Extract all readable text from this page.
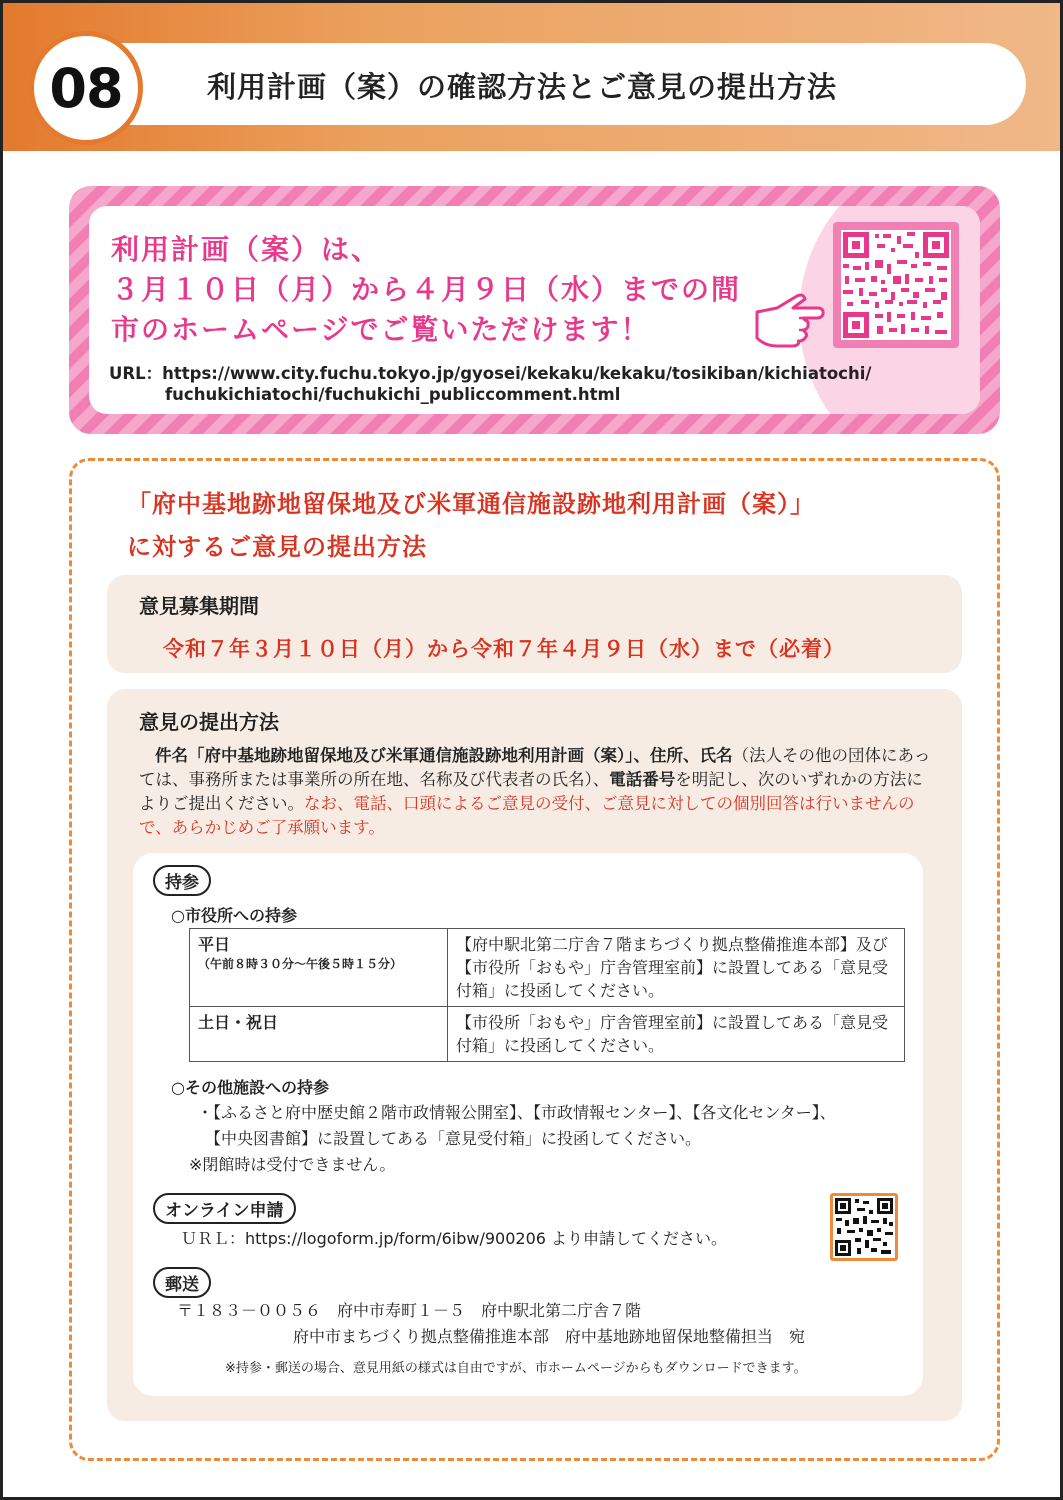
08	利用計画（案）の確認方法とご意見の提出方法
利用計画（案）は、
３月１０日（月）から４月９日（水）までの間
市のホームページでご覧いただけます！
URL：https://www.city.fuchu.tokyo.jp/gyosei/kekaku/kekaku/tosikiban/kichiatochi/
fuchukichiatochi/fuchukichi_publiccomment.html
「府中基地跡地留保地及び米軍通信施設跡地利用計画（案）」
に対するご意見の提出方法
意見募集期間
令和７年３月１０日（月）から令和７年４月９日（水）まで（必着）
意見の提出方法
件名「府中基地跡地留保地及び米軍通信施設跡地利用計画（案）」、住所、氏名（法人その他の団体にあっては、事務所または事業所の所在地、名称及び代表者の氏名）、電話番号を明記し、次のいずれかの方法によりご提出ください。なお、電話、口頭によるご意見の受付、ご意見に対しての個別回答は行いませんので、あらかじめご了承願います。
持参
○市役所への持参
平日
（午前８時３０分～午後５時１５分）	【府中駅北第二庁舎７階まちづくり拠点整備推進本部】及び【市役所「おもや」庁舎管理室前】に設置してある「意見受付箱」に投函してください。
土日・祝日	【市役所「おもや」庁舎管理室前】に設置してある「意見受付箱」に投函してください。
○その他施設への持参
・【ふるさと府中歴史館２階市政情報公開室】、【市政情報センター】、【各文化センター】、
【中央図書館】に設置してある「意見受付箱」に投函してください。
※閉館時は受付できません。
オンライン申請
ＵＲＬ：https://logoform.jp/form/6ibw/900206 より申請してください。
郵送
〒１８３－００５６　府中市寿町１－５　府中駅北第二庁舎７階
府中市まちづくり拠点整備推進本部　府中基地跡地留保地整備担当　宛
※持参・郵送の場合、意見用紙の様式は自由ですが、市ホームページからもダウンロードできます。
